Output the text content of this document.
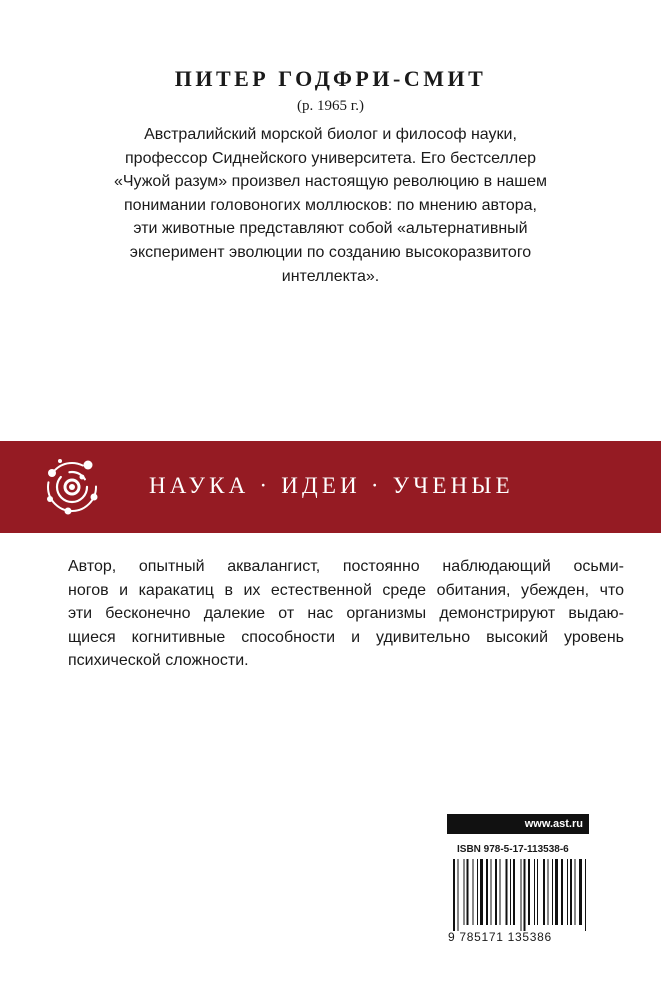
ПИТЕР ГОДФРИ-СМИТ
(р. 1965 г.)
Австралийский морской биолог и философ науки,
профессор Сиднейского университета. Его бестселлер
«Чужой разум» произвел настоящую революцию в нашем
понимании головоногих моллюсков: по мнению автора,
эти животные представляют собой «альтернативный
эксперимент эволюции по созданию высокоразвитого
интеллекта».
НАУКА · ИДЕИ · УЧЕНЫЕ
Автор, опытный аквалангист, постоянно наблюдающий осьми-
ногов и каракатиц в их естественной среде обитания, убежден, что
эти бесконечно далекие от нас организмы демонстрируют выдаю-
щиеся когнитивные способности и удивительно высокий уровень
психической сложности.
www.ast.ru
ISBN 978-5-17-113538-6
9 785171 135386
